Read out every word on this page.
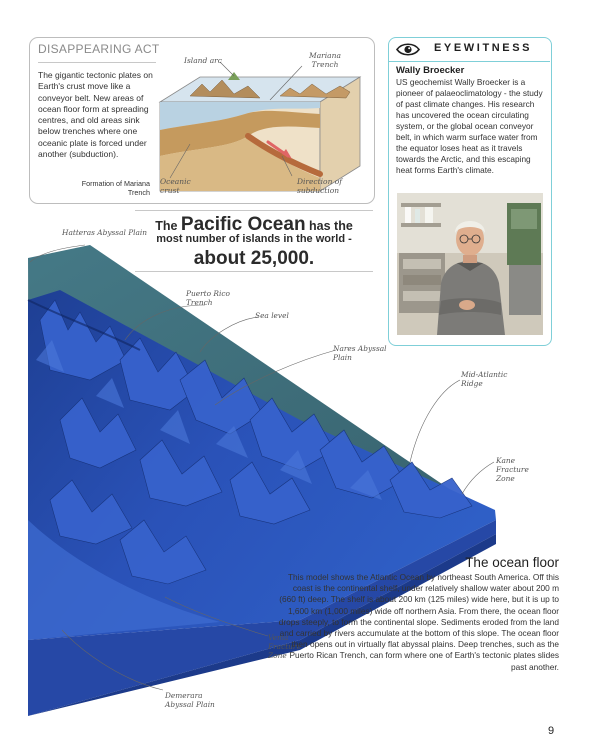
DISAPPEARING ACT
The gigantic tectonic plates on Earth's crust move like a conveyor belt. New areas of ocean floor form at spreading centres, and old areas sink below trenches where one oceanic plate is forced under another (subduction).
Formation of Mariana Trench
Island arc
Mariana Trench
Oceanic crust
Direction of subduction
EYEWITNESS
Wally Broecker
US geochemist Wally Broecker is a pioneer of palaeoclimatology - the study of past climate changes. His research has uncovered the ocean circulating system, or the global ocean conveyor belt, in which warm surface water from the equator loses heat as it travels towards the Arctic, and this escaping heat forms Earth's climate.
The Pacific Ocean has the
most number of islands in the world -
about 25,000.
Hatteras Abyssal Plain
Puerto Rico Trench
Sea level
Nares Abyssal Plain
Mid-Atlantic Ridge
Kane Fracture Zone
Vema Fracture Zone
Demerara Abyssal Plain
The ocean floor
This model shows the Atlantic Ocean by northeast South America. Off this coast is the continental shelf, under relatively shallow water about 200 m (660 ft) deep. The shelf is about 200 km (125 miles) wide here, but it is up to 1,600 km (1,000 miles) wide off northern Asia. From there, the ocean floor drops steeply, to form the continental slope. Sediments eroded from the land and carried by rivers accumulate at the bottom of this slope. The ocean floor then opens out in virtually flat abyssal plains. Deep trenches, such as the Puerto Rican Trench, can form where one of Earth's tectonic plates slides past another.
9
